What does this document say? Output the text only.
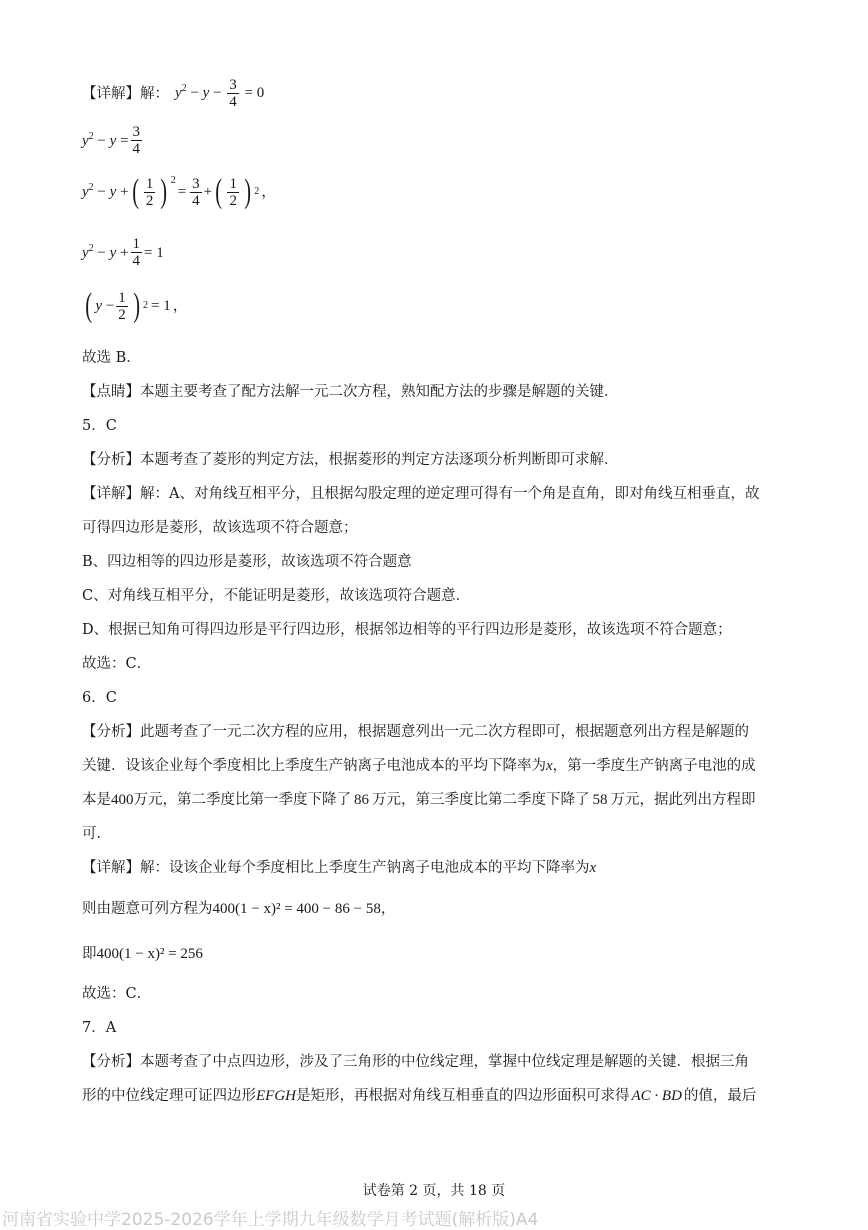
【详解】解： $y^2 - y - \frac{3}{4} = 0$
$y^2 - y = \frac{3}{4}$
$y^2 - y$ + ( $\frac{1}{2}$ ) 2
= $\frac{3}{4}$ + ( $\frac{1}{2}$ ) 2 ，
$y^2 - y + \frac{1}{4} = 1$
( $y - \frac{1}{2}$ ) 2 = 1 ，
故选 B．
【点睛】本题主要考查了配方法解一元二次方程，熟知配方法的步骤是解题的关键．
5．C
【分析】本题考查了菱形的判定方法，根据菱形的判定方法逐项分析判断即可求解．
【详解】解：A、对角线互相平分，且根据勾股定理的逆定理可得有一个角是直角，即对角线互相垂直，故
可得四边形是菱形，故该选项不符合题意；
B、四边相等的四边形是菱形，故该选项不符合题意
C、对角线互相平分，不能证明是菱形，故该选项符合题意．
D、根据已知角可得四边形是平行四边形，根据邻边相等的平行四边形是菱形，故该选项不符合题意；
故选：C．
6．C
【分析】此题考查了一元二次方程的应用，根据题意列出一元二次方程即可，根据题意列出方程是解题的
关键．设该企业每个季度相比上季度生产钠离子电池成本的平均下降率为x，第一季度生产钠离子电池的成
本是400万元，第二季度比第一季度下降了 86 万元，第三季度比第二季度下降了 58 万元，据此列出方程即
可．
【详解】解：设该企业每个季度相比上季度生产钠离子电池成本的平均下降率为x
则由题意可列方程为400(1 − x)² = 400 − 86 − 58，
即400(1 − x)² = 256
故选：C．
7．A
【分析】本题考查了中点四边形，涉及了三角形的中位线定理，掌握中位线定理是解题的关键．根据三角
形的中位线定理可证四边形EFGH是矩形，再根据对角线互相垂直的四边形面积可求得 AC · BD 的值，最后
试卷第 2 页，共 18 页
河南省实验中学2025-2026学年上学期九年级数学月考试题(解析版)A4
